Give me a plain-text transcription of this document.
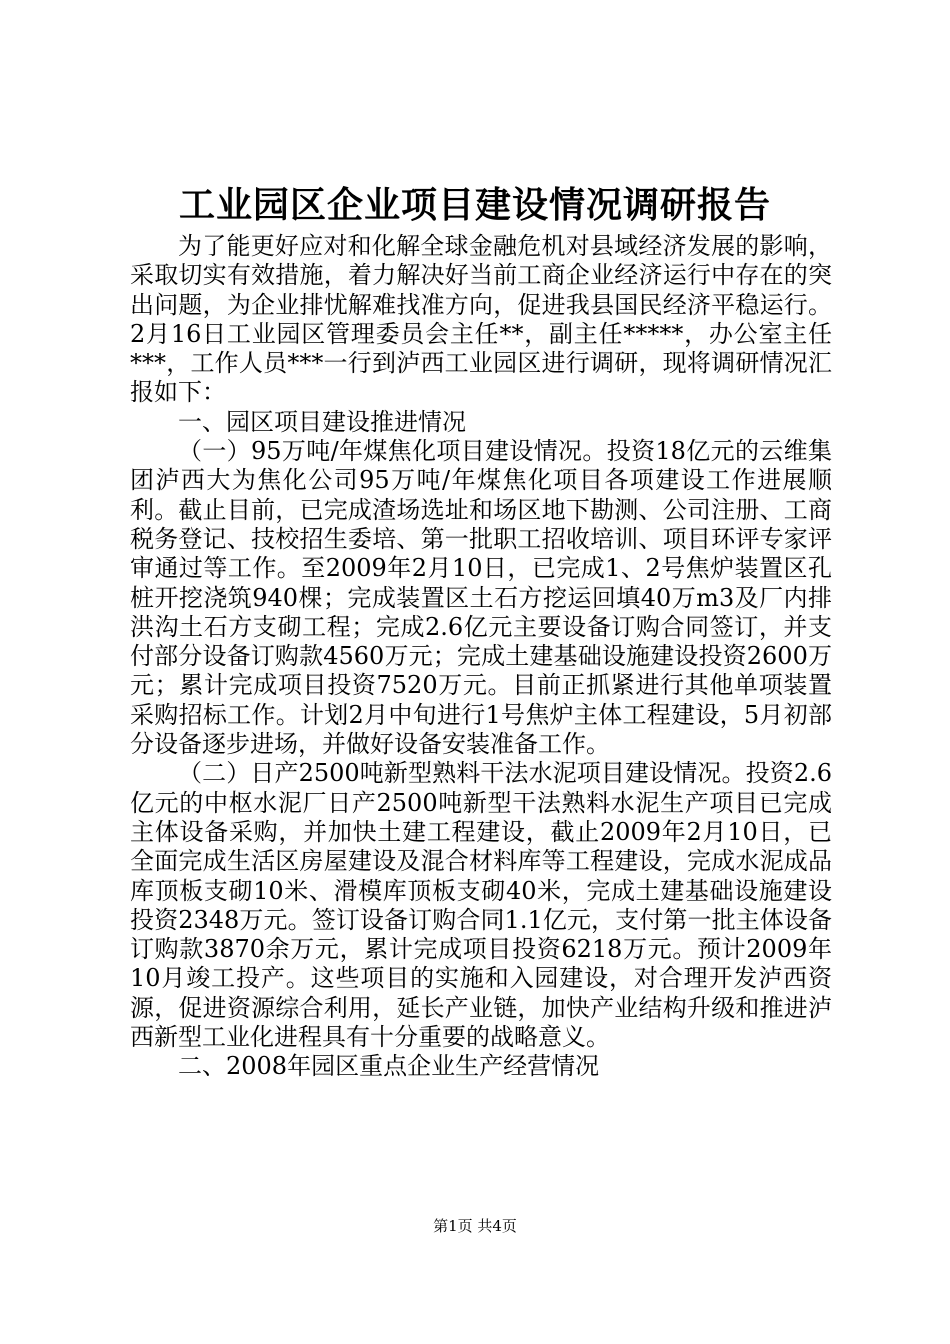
工业园区企业项目建设情况调研报告

为了能更好应对和化解全球金融危机对县域经济发展的影响，采取切实有效措施，着力解决好当前工商企业经济运行中存在的突出问题，为企业排忧解难找准方向，促进我县国民经济平稳运行。2月16日工业园区管理委员会主任**，副主任*****，办公室主任***，工作人员***一行到泸西工业园区进行调研，现将调研情况汇报如下：

一、园区项目建设推进情况

（一）95万吨/年煤焦化项目建设情况。投资18亿元的云维集团泸西大为焦化公司95万吨/年煤焦化项目各项建设工作进展顺利。截止目前，已完成渣场选址和场区地下勘测、公司注册、工商税务登记、技校招生委培、第一批职工招收培训、项目环评专家评审通过等工作。至2009年2月10日，已完成1、2号焦炉装置区孔桩开挖浇筑940棵；完成装置区土石方挖运回填40万m3及厂内排洪沟土石方支砌工程；完成2.6亿元主要设备订购合同签订，并支付部分设备订购款4560万元；完成土建基础设施建设投资2600万元；累计完成项目投资7520万元。目前正抓紧进行其他单项装置采购招标工作。计划2月中旬进行1号焦炉主体工程建设，5月初部分设备逐步进场，并做好设备安装准备工作。

（二）日产2500吨新型熟料干法水泥项目建设情况。投资2.6亿元的中枢水泥厂日产2500吨新型干法熟料水泥生产项目已完成主体设备采购，并加快土建工程建设，截止2009年2月10日，已全面完成生活区房屋建设及混合材料库等工程建设，完成水泥成品库顶板支砌10米、滑模库顶板支砌40米，完成土建基础设施建设投资2348万元。签订设备订购合同1.1亿元，支付第一批主体设备订购款3870余万元，累计完成项目投资6218万元。预计2009年10月竣工投产。这些项目的实施和入园建设，对合理开发泸西资源，促进资源综合利用，延长产业链，加快产业结构升级和推进泸西新型工业化进程具有十分重要的战略意义。

二、2008年园区重点企业生产经营情况

第1页 共4页
